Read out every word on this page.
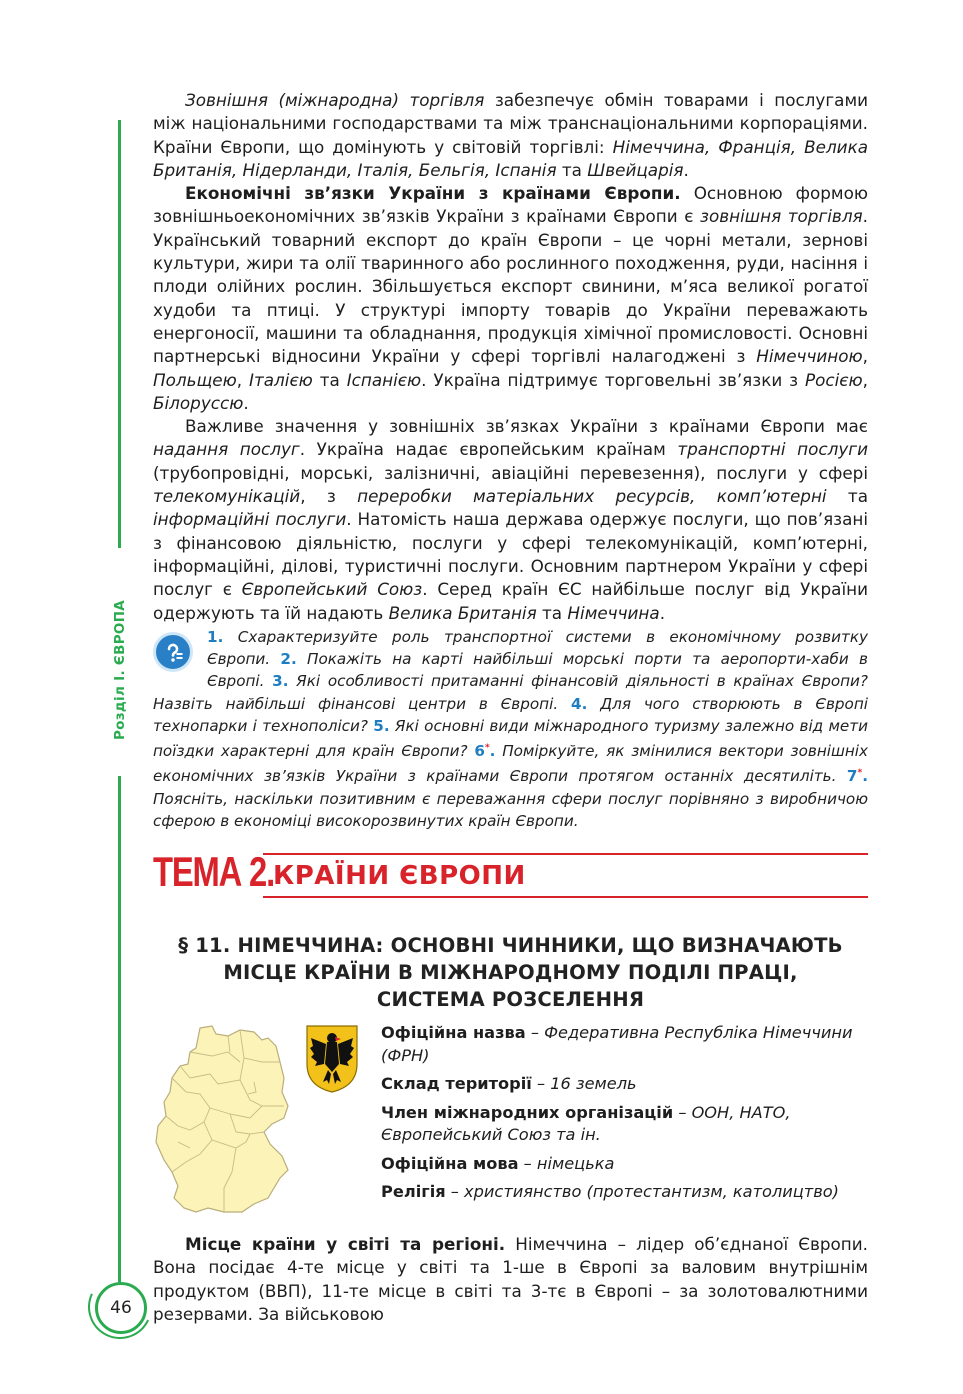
Розділ І. ЄВРОПА
46

Зовнішня (міжнародна) торгівля забезпечує обмін товарами і послугами між національними господарствами та між транснаціональними корпораціями. Країни Європи, що домінують у світовій торгівлі: Німеччина, Франція, Велика Британія, Нідерланди, Італія, Бельгія, Іспанія та Швейцарія.

Економічні зв’язки України з країнами Європи. Основною формою зовнішньоекономічних зв’язків України з країнами Європи є зовнішня торгівля. Український товарний експорт до країн Європи – це чорні метали, зернові культури, жири та олії тваринного або рослинного походження, руди, насіння і плоди олійних рослин. Збільшується експорт свинини, м’яса великої рогатої худоби та птиці. У структурі імпорту товарів до України переважають енергоносії, машини та обладнання, продукція хімічної промисловості. Основні партнерські відносини України у сфері торгівлі налагоджені з Німеччиною, Польщею, Італією та Іспанією. Україна підтримує торговельні зв’язки з Росією, Білоруссю.

Важливе значення у зовнішніх зв’язках України з країнами Європи має надання послуг. Україна надає європейським країнам транспортні послуги (трубопровідні, морські, залізничні, авіаційні перевезення), послуги у сфері телекомунікацій, з переробки матеріальних ресурсів, комп’ютерні та інформаційні послуги. Натомість наша держава одержує послуги, що пов’язані з фінансовою діяльністю, послуги у сфері телекомунікацій, комп’ютерні, інформаційні, ділові, туристичні послуги. Основним партнером України у сфері послуг є Європейський Союз. Серед країн ЄС найбільше послуг від України одержують та їй надають Велика Британія та Німеччина.

1. Схарактеризуйте роль транспортної системи в економічному розвитку Європи. 2. Покажіть на карті найбільші морські порти та аеропорти-хаби в Європі. 3. Які особливості притаманні фінансовій діяльності в країнах Європи? Назвіть найбільші фінансові центри в Європі. 4. Для чого створюють в Європі технопарки і технополіси? 5. Які основні види міжнародного туризму залежно від мети поїздки характерні для країн Європи? 6*. Поміркуйте, як змінилися вектори зовнішніх економічних зв’язків України з країнами Європи протягом останніх десятиліть. 7*. Поясніть, наскільки позитивним є переважання сфери послуг порівняно з виробничою сферою в економіці високорозвинутих країн Європи.
ТЕМА 2.
КРАЇНИ ЄВРОПИ
§ 11. НІМЕЧЧИНА: ОСНОВНІ ЧИННИКИ, ЩО ВИЗНАЧАЮТЬ
МІСЦЕ КРАЇНИ В МІЖНАРОДНОМУ ПОДІЛІ ПРАЦІ,
СИСТЕМА РОЗСЕЛЕННЯ
Офіційна назва – Федеративна Республіка Німеччини (ФРН)
Склад території – 16 земель
Член міжнародних організацій – ООН, НАТО, Європейський Союз та ін.
Офіційна мова – німецька
Релігія – християнство (протестантизм, католицтво)

Місце країни у світі та регіоні. Німеччина – лідер об’єднаної Європи. Вона посідає 4-те місце у світі та 1-ше в Європі за валовим внутрішнім продуктом (ВВП), 11-те місце в світі та 3-тє в Європі – за золотовалютними резервами. За військовою
